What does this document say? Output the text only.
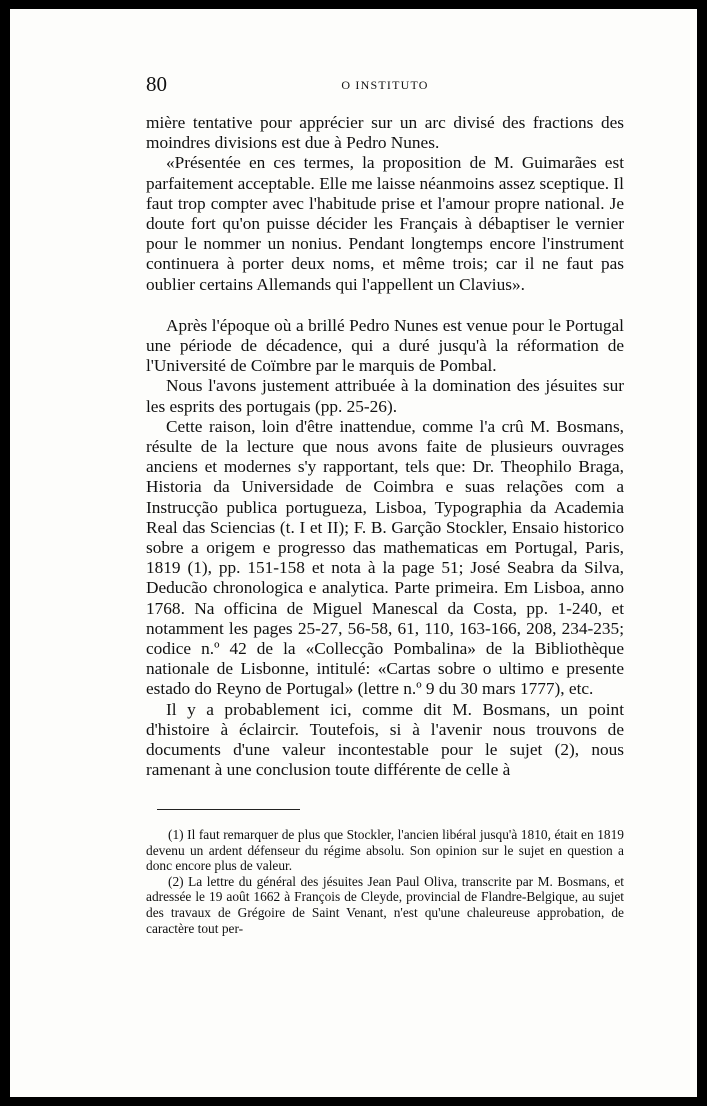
80	O INSTITUTO

mière tentative pour apprécier sur un arc divisé des fractions des moindres divisions est due à Pedro Nunes.

«Présentée en ces termes, la proposition de M. Guimarães est parfaitement acceptable. Elle me laisse néanmoins assez sceptique. Il faut trop compter avec l'habitude prise et l'amour propre national. Je doute fort qu'on puisse décider les Français à débaptiser le vernier pour le nommer un nonius. Pendant longtemps encore l'instrument continuera à porter deux noms, et même trois; car il ne faut pas oublier certains Allemands qui l'appellent un Clavius».

Après l'époque où a brillé Pedro Nunes est venue pour le Portugal une période de décadence, qui a duré jusqu'à la réformation de l'Université de Coïmbre par le marquis de Pombal.

Nous l'avons justement attribuée à la domination des jésuites sur les esprits des portugais (pp. 25-26).

Cette raison, loin d'être inattendue, comme l'a crû M. Bosmans, résulte de la lecture que nous avons faite de plusieurs ouvrages anciens et modernes s'y rapportant, tels que: Dr. Theophilo Braga, Historia da Universidade de Coimbra e suas relações com a Instrucção publica portugueza, Lisboa, Typographia da Academia Real das Sciencias (t. I et II); F. B. Garção Stockler, Ensaio historico sobre a origem e progresso das mathematicas em Portugal, Paris, 1819 (1), pp. 151-158 et nota à la page 51; José Seabra da Silva, Deducão chronologica e analytica. Parte primeira. Em Lisboa, anno 1768. Na officina de Miguel Manescal da Costa, pp. 1-240, et notamment les pages 25-27, 56-58, 61, 110, 163-166, 208, 234-235; codice n.º 42 de la «Collecção Pombalina» de la Bibliothèque nationale de Lisbonne, intitulé: «Cartas sobre o ultimo e presente estado do Reyno de Portugal» (lettre n.º 9 du 30 mars 1777), etc.

Il y a probablement ici, comme dit M. Bosmans, un point d'histoire à éclaircir. Toutefois, si à l'avenir nous trouvons de documents d'une valeur incontestable pour le sujet (2), nous ramenant à une conclusion toute différente de celle à

(1) Il faut remarquer de plus que Stockler, l'ancien libéral jusqu'à 1810, était en 1819 devenu un ardent défenseur du régime absolu. Son opinion sur le sujet en question a donc encore plus de valeur.

(2) La lettre du général des jésuites Jean Paul Oliva, transcrite par M. Bosmans, et adressée le 19 août 1662 à François de Cleyde, provincial de Flandre-Belgique, au sujet des travaux de Grégoire de Saint Venant, n'est qu'une chaleureuse approbation, de caractère tout per-
